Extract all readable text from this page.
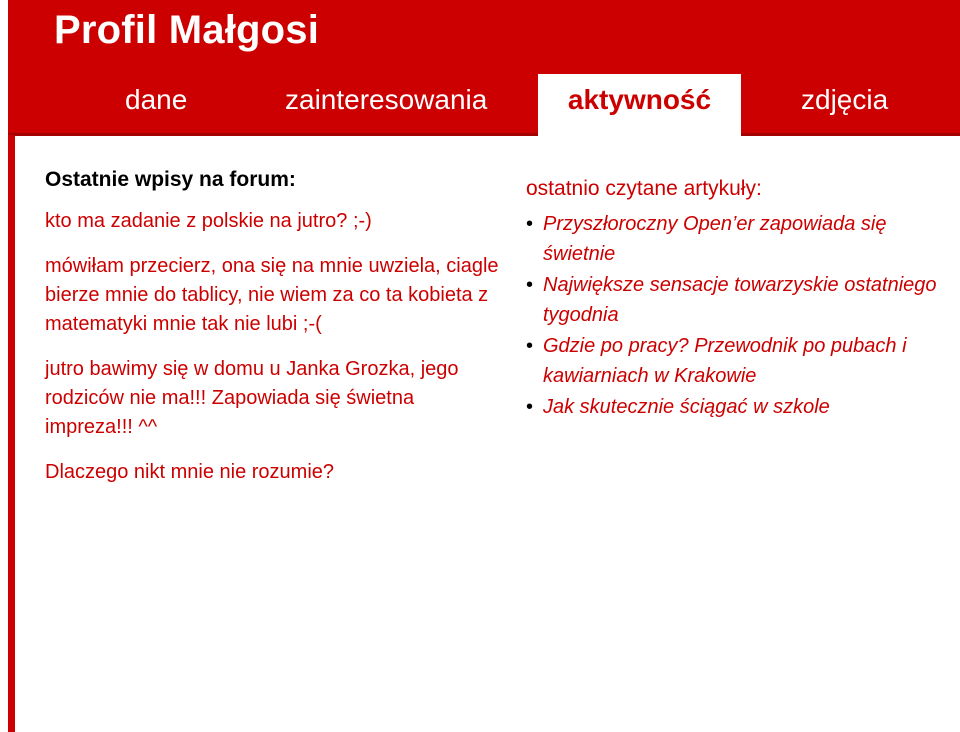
Profil Małgosi
dane	zainteresowania	aktywność	zdjęcia
Ostatnie wpisy na forum:
kto ma zadanie z polskie na jutro? ;-)
mówiłam przecierz, ona się na mnie uwziela, ciagle bierze mnie do tablicy, nie wiem za co ta kobieta z matematyki mnie tak nie lubi ;-(
jutro bawimy się w domu u Janka Grozka, jego rodziców nie ma!!! Zapowiada się świetna impreza!!! ^^
Dlaczego nikt mnie nie rozumie?
ostatnio czytane artykuły:
• Przyszłoroczny Open’er zapowiada się świetnie
• Największe sensacje towarzyskie ostatniego tygodnia
• Gdzie po pracy? Przewodnik po pubach i kawiarniach w Krakowie
• Jak skutecznie ściągać w szkole
